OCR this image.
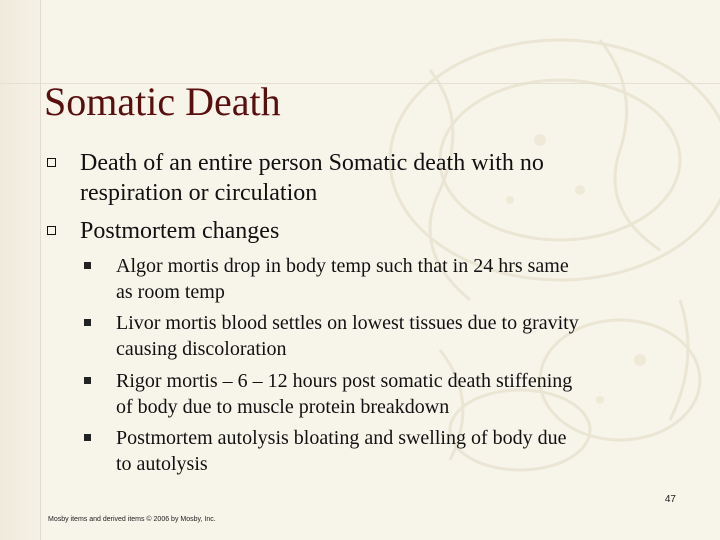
Somatic Death
Death of an entire person Somatic death with no
respiration or circulation
Postmortem changes
Algor mortis drop in body temp such that in 24 hrs same
as room temp
Livor mortis blood settles on lowest tissues due to gravity
causing discoloration
Rigor mortis – 6 – 12 hours post somatic death stiffening
of body due to muscle protein breakdown
Postmortem autolysis bloating and swelling of body due
to autolysis
47
Mosby items and derived items © 2006 by Mosby, Inc.
